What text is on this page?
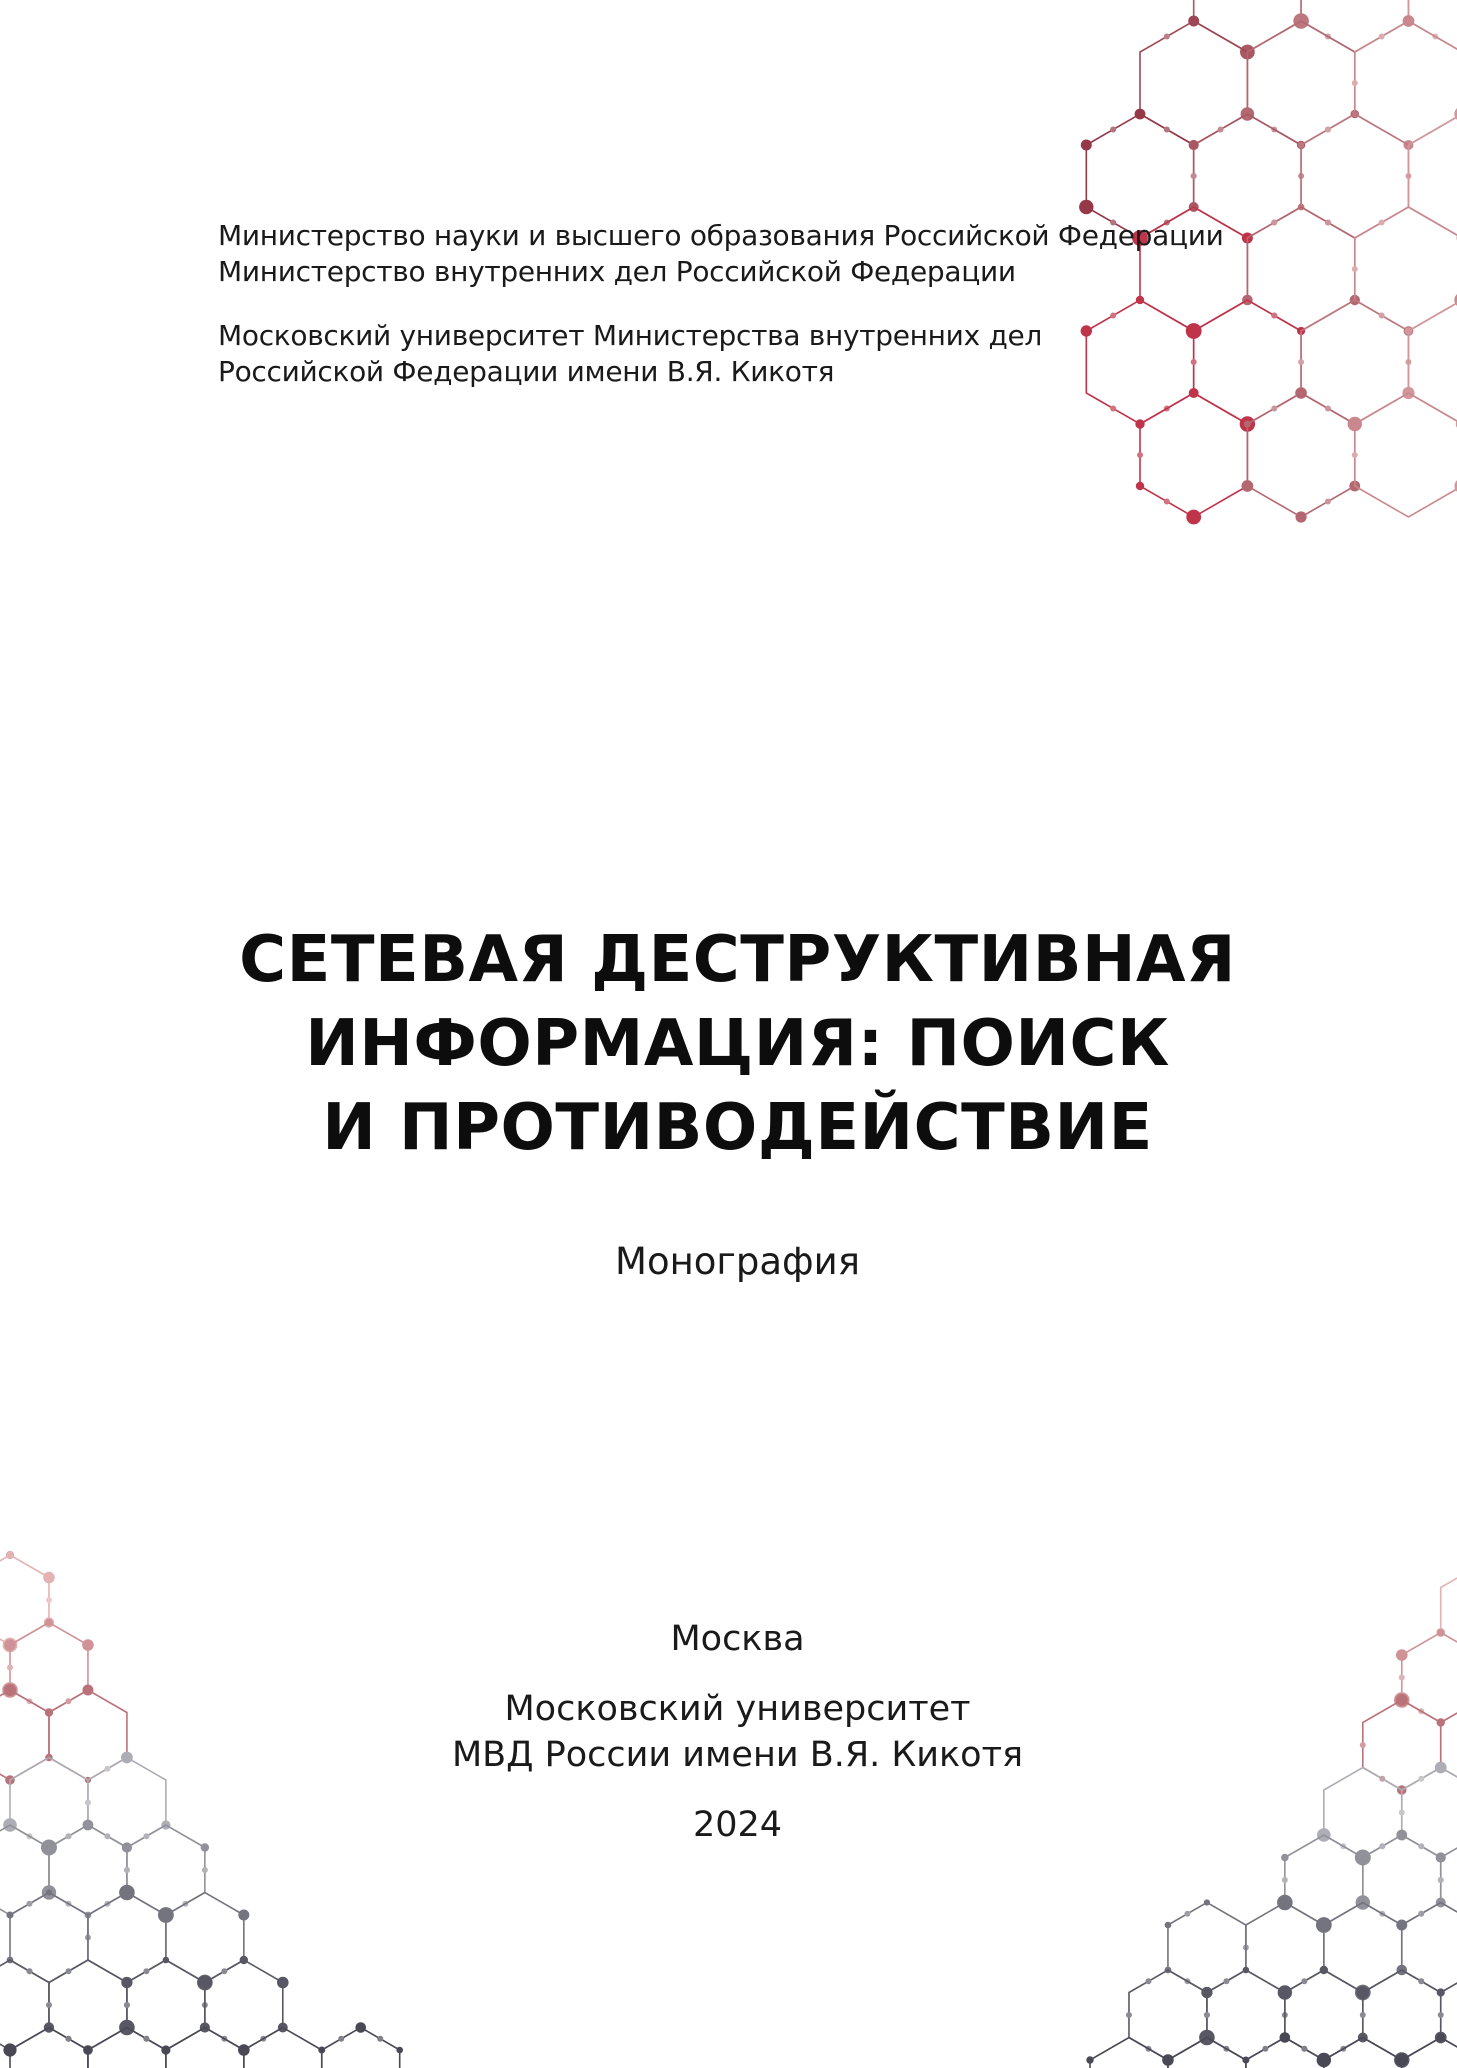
Министерство науки и высшего образования Российской Федерации
Министерство внутренних дел Российской Федерации
Московский университет Министерства внутренних дел
Российской Федерации имени В.Я. Кикотя
СЕТЕВАЯ ДЕСТРУКТИВНАЯ
ИНФОРМАЦИЯ: ПОИСК
И ПРОТИВОДЕЙСТВИЕ
Монография
Москва
Московский университет
МВД России имени В.Я. Кикотя
2024
